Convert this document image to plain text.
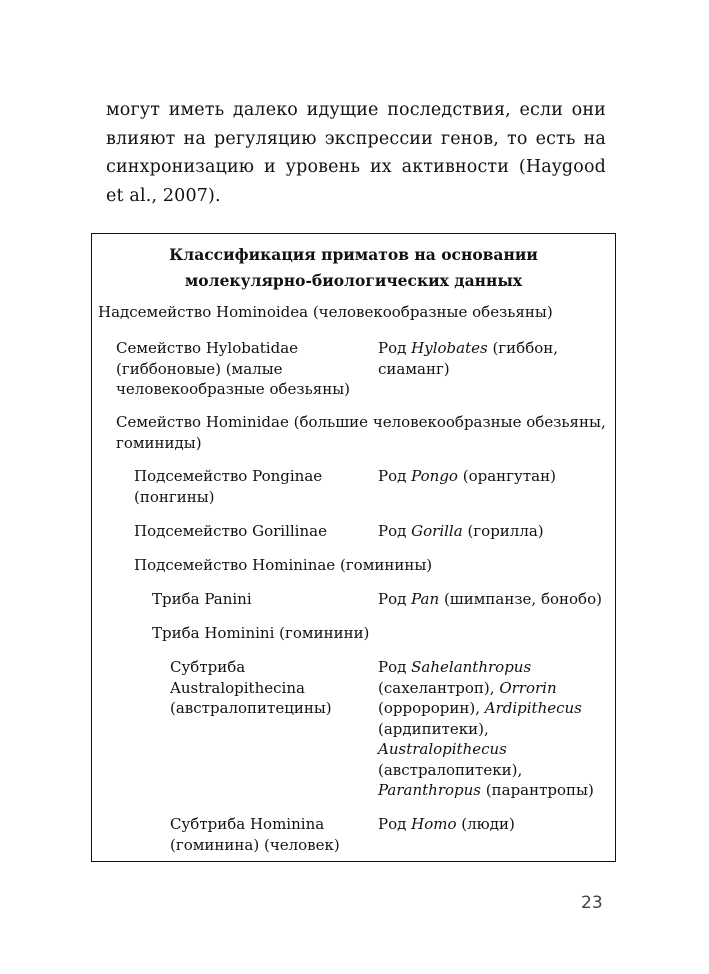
могут иметь далеко идущие последствия, если они
влияют на регуляцию экспрессии генов, то есть на
синхронизацию и уровень их активности (Haygood
et al., 2007).
Классификация приматов на основании
молекулярно-биологических данных
Надсемейство Hominoidea (человекообразные обезьяны)
Семейство Hylobatidae
(гиббоновые) (малые
человекообразные обезьяны)
Род Hylobates (гиббон,
сиаманг)
Семейство Hominidae (большие человекообразные обезьяны,
гоминиды)
Подсемейство Ponginae
(понгины)
Род Pongo (орангутан)
Подсемейство Gorillinae	Род Gorilla (горилла)
Подсемейство Homininae (гоминины)
Триба Panini	Род Pan (шимпанзе, бонобо)
Триба Hominini (гоминини)
Субтриба
Australopithecina
(австралопитецины)
Род Sahelanthropus
(сахелантроп), Orrorin
(орророрин), Ardipithecus
(ардипитеки),
Australopithecus
(австралопитеки),
Paranthropus (парантропы)
Субтриба Hominina
(гоминина) (человек)
Род Homo (люди)
23
